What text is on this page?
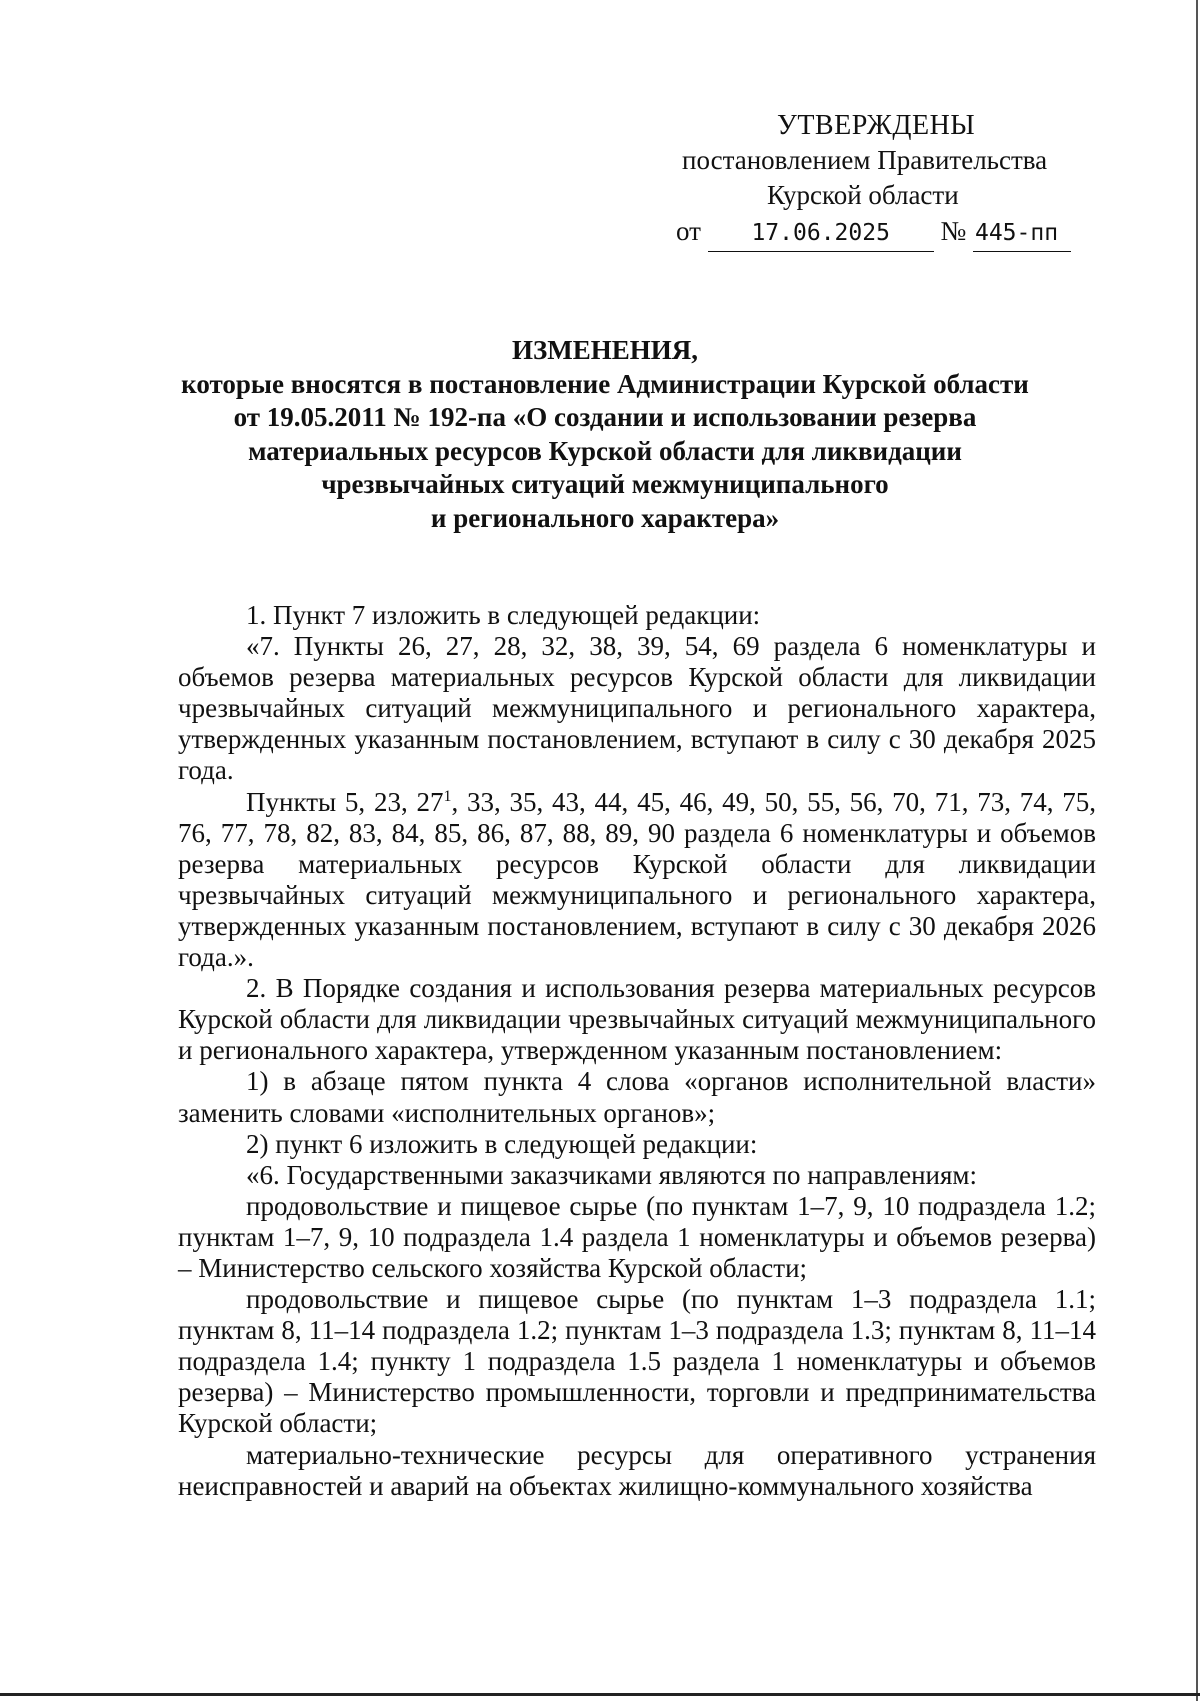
УТВЕРЖДЕНЫ
постановлением Правительства
Курской области
от 17.06.2025 № 445-пп
ИЗМЕНЕНИЯ,
которые вносятся в постановление Администрации Курской области
от 19.05.2011 № 192-па «О создании и использовании резерва
материальных ресурсов Курской области для ликвидации
чрезвычайных ситуаций межмуниципального
и регионального характера»

1. Пункт 7 изложить в следующей редакции:

«7. Пункты 26, 27, 28, 32, 38, 39, 54, 69 раздела 6 номенклатуры и объемов резерва материальных ресурсов Курской области для ликвидации чрезвычайных ситуаций межмуниципального и регионального характера, утвержденных указанным постановлением, вступают в силу с 30 декабря 2025 года.

Пункты 5, 23, $27^1$, 33, 35, 43, 44, 45, 46, 49, 50, 55, 56, 70, 71, 73, 74, 75, 76, 77, 78, 82, 83, 84, 85, 86, 87, 88, 89, 90 раздела 6 номенклатуры и объемов резерва материальных ресурсов Курской области для ликвидации чрезвычайных ситуаций межмуниципального и регионального характера, утвержденных указанным постановлением, вступают в силу с 30 декабря 2026 года.».

2. В Порядке создания и использования резерва материальных ресурсов Курской области для ликвидации чрезвычайных ситуаций межмуниципального и регионального характера, утвержденном указанным постановлением:

1) в абзаце пятом пункта 4 слова «органов исполнительной власти» заменить словами «исполнительных органов»;

2) пункт 6 изложить в следующей редакции:

«6. Государственными заказчиками являются по направлениям:

продовольствие и пищевое сырье (по пунктам 1–7, 9, 10 подраздела 1.2; пунктам 1–7, 9, 10 подраздела 1.4 раздела 1 номенклатуры и объемов резерва) – Министерство сельского хозяйства Курской области;

продовольствие и пищевое сырье (по пунктам 1–3 подраздела 1.1; пунктам 8, 11–14 подраздела 1.2; пунктам 1–3 подраздела 1.3; пунктам 8, 11–14 подраздела 1.4; пункту 1 подраздела 1.5 раздела 1 номенклатуры и объемов резерва) – Министерство промышленности, торговли и предпринимательства Курской области;

материально-технические ресурсы для оперативного устранения неисправностей и аварий на объектах жилищно-коммунального хозяйства
